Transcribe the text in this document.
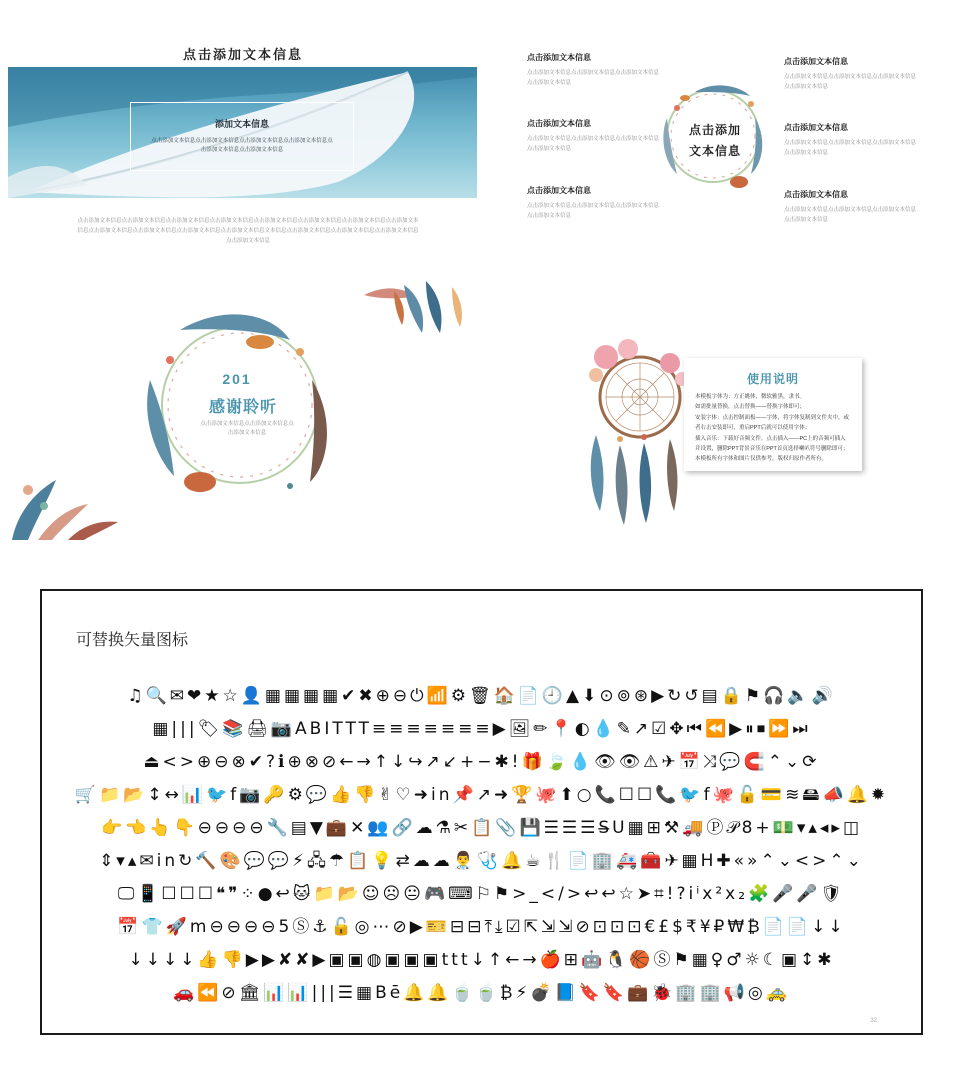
点击添加文本信息
添加文本信息
点击添加文本信息点击添加文本信息点击添加文本信息点击添加文本信息点击添加文本信息点击添加文本信息
点击添加文本信息点击添加文本信息点击添加文本信息点击添加文本信息点击添加文本信息点击添加文本信息点击添加文本信息点击添加文本信息点击添加文本信息点击添加文本信息点击添加文本信息点击添加文本信息文本信息点击添加文本信息点击添加文本信息点击添加文本信息点击添加文本信息
点击添加文本信息
点击添加文本信息点击添加文本信息点击添加文本信息点击添加文本信息
点击添加文本信息
点击添加文本信息点击添加文本信息点击添加文本信息点击添加文本信息
点击添加文本信息
点击添加文本信息点击添加文本信息点击添加文本信息点击添加文本信息
点击添加文本信息
点击添加文本信息点击添加文本信息点击添加文本信息点击添加文本信息
点击添加文本信息
点击添加文本信息点击添加文本信息点击添加文本信息点击添加文本信息
点击添加文本信息
点击添加文本信息点击添加文本信息点击添加文本信息点击添加文本信息
点击添加
文本信息
201
感谢聆听
点击添加文本信息点击添加文本信息点击添加文本信息
使用说明
本模板字体为：方正姚体，微软雅黑，隶书。
如需批量替换，点击替换——替换字体即可；
安装字体：点击控制面板——字体，将字体复制到文件夹中，或
者右击安装即可，重启PPT后就可以使用字体；
插入音乐：下载好音频文件，点击插入——PC上的音频可插入
并设置，删除PPT背景音乐在PPT首页选择喇叭符号删除即可；
本模板所有字体和图片仅供参考，版权归原作者所有。
可替换矢量图标
♫🔍✉❤★☆👤▦▦▦▦✔✖⊕⊖⏻📶⚙🗑🏠📄🕘▲⬇⊙⊚⊛▶↻↺▤🔒⚑🎧🔈🔊
▦|||🏷📚🖨📷ABITTT≡≡≡≡≡≡≡▶🖼✏📍◐💧✎↗☑✥⏮⏪▶⏸⏹⏩⏭
⏏<>⊕⊖⊗✔?ℹ⊕⊗⊘←→↑↓↪↗↙+−✱!🎁🍃💧👁👁⚠✈📅⤨💬🧲⌃⌄⟳
🛒📁📂↕↔📊🐦f📷🔑⚙💬👍👎✌♡➜in📌↗➜🏆🐙⬆○📞☐☐📞🐦f🐙🔓💳≋🖴📣🔔✹
👉👈👆👇⊖⊖⊖⊖🔧▤▼💼✕👥🔗☁⚗✂📋📎💾☰☰☰S̶U▦⊞⚒🚚Ⓟ𝒫8+💵▾▴◂▸◫
⇕▾▴✉in↻🔨🎨💬💬⚡🖧☂📋💡⇄☁☁👨‍⚕🩺🔔☕🍴📄🏢🚑🧰✈▦H✚«»⌃⌄<>⌃⌄
🖵📱☐☐☐❝❞⁘●↩🐱📁📂☺☹😐🎮⌨⚐⚑>_</>↩↩☆➤⌗!?iⁱx²x₂🧩🎤🎤🛡
📅👕🚀m⊖⊖⊖⊖5Ⓢ⚓🔓◎⋯⊘▶🎫⊟⊟⤒⤓☑⇱⇲⇲⊘⊡⊡⊡€£$₹¥₽₩₿📄📄↓↓
↓↓↓↓👍👎▶▶✘✘▶▣▣◍▣▣▣ttt↓↑←→🍎⊞🤖🐧🏀Ⓢ⚑▦♀♂☼☾▣↕✱
🚗⏪⊘🏛📊📊|||☰▦Bē🔔🔔🍵🍵₿⚡💣📘🔖🔖💼🐞🏢🏢📢◎🚕
32
